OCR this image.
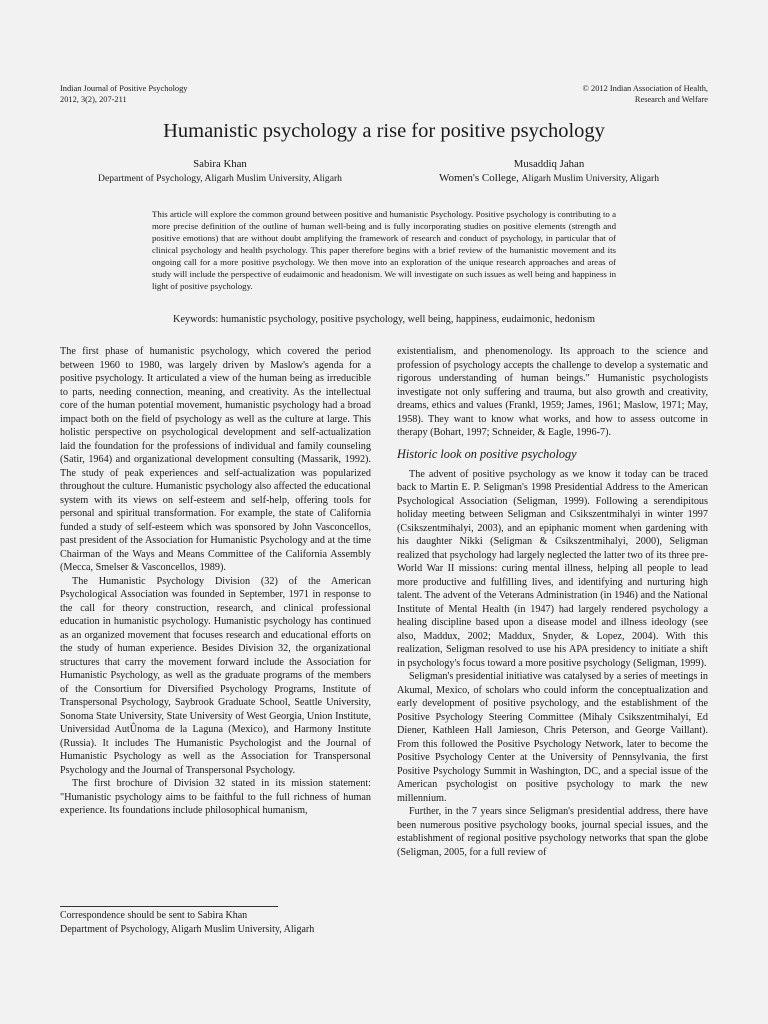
Indian Journal of Positive Psychology
2012, 3(2), 207-211
© 2012 Indian Association of Health,
Research and Welfare
Humanistic psychology a rise for positive psychology
Sabira Khan
Department of Psychology, Aligarh Muslim University, Aligarh
Musaddiq Jahan
Women's College, Aligarh Muslim University, Aligarh
This article will explore the common ground between positive and humanistic Psychology. Positive psychology is contributing to a more precise definition of the outline of human well-being and is fully incorporating studies on positive elements (strength and positive emotions) that are without doubt amplifying the framework of research and conduct of psychology, in particular that of clinical psychology and health psychology. This paper therefore begins with a brief review of the humanistic movement and its ongoing call for a more positive psychology. We then move into an exploration of the unique research approaches and areas of study will include the perspective of eudaimonic and headonism. We will investigate on such issues as well being and happiness in light of positive psychology.
Keywords: humanistic psychology, positive psychology, well being, happiness, eudaimonic, hedonism

The first phase of humanistic psychology, which covered the period between 1960 to 1980, was largely driven by Maslow's agenda for a positive psychology. It articulated a view of the human being as irreducible to parts, needing connection, meaning, and creativity. As the intellectual core of the human potential movement, humanistic psychology had a broad impact both on the field of psychology as well as the culture at large. This holistic perspective on psychological development and self-actualization laid the foundation for the professions of individual and family counseling (Satir, 1964) and organizational development consulting (Massarik, 1992). The study of peak experiences and self-actualization was popularized throughout the culture. Humanistic psychology also affected the educational system with its views on self-esteem and self-help, offering tools for personal and spiritual transformation. For example, the state of California funded a study of self-esteem which was sponsored by John Vasconcellos, past president of the Association for Humanistic Psychology and at the time Chairman of the Ways and Means Committee of the California Assembly (Mecca, Smelser & Vasconcellos, 1989).

The Humanistic Psychology Division (32) of the American Psychological Association was founded in September, 1971 in response to the call for theory construction, research, and clinical professional education in humanistic psychology. Humanistic psychology has continued as an organized movement that focuses research and educational efforts on the study of human experience. Besides Division 32, the organizational structures that carry the movement forward include the Association for Humanistic Psychology, as well as the graduate programs of the members of the Consortium for Diversified Psychology Programs, Institute of Transpersonal Psychology, Saybrook Graduate School, Seattle University, Sonoma State University, State University of West Georgia, Union Institute, Universidad AutÛnoma de la Laguna (Mexico), and Harmony Institute (Russia). It includes The Humanistic Psychologist and the Journal of Humanistic Psychology as well as the Association for Transpersonal Psychology and the Journal of Transpersonal Psychology.

The first brochure of Division 32 stated in its mission statement: "Humanistic psychology aims to be faithful to the full richness of human experience. Its foundations include philosophical humanism,

existentialism, and phenomenology. Its approach to the science and profession of psychology accepts the challenge to develop a systematic and rigorous understanding of human beings." Humanistic psychologists investigate not only suffering and trauma, but also growth and creativity, dreams, ethics and values (Frankl, 1959; James, 1961; Maslow, 1971; May, 1958). They want to know what works, and how to assess outcome in therapy (Bohart, 1997; Schneider, & Eagle, 1996-7).

Historic look on positive psychology

The advent of positive psychology as we know it today can be traced back to Martin E. P. Seligman's 1998 Presidential Address to the American Psychological Association (Seligman, 1999). Following a serendipitous holiday meeting between Seligman and Csikszentmihalyi in winter 1997 (Csikszentmihalyi, 2003), and an epiphanic moment when gardening with his daughter Nikki (Seligman & Csikszentmihalyi, 2000), Seligman realized that psychology had largely neglected the latter two of its three pre-World War II missions: curing mental illness, helping all people to lead more productive and fulfilling lives, and identifying and nurturing high talent. The advent of the Veterans Administration (in 1946) and the National Institute of Mental Health (in 1947) had largely rendered psychology a healing discipline based upon a disease model and illness ideology (see also, Maddux, 2002; Maddux, Snyder, & Lopez, 2004). With this realization, Seligman resolved to use his APA presidency to initiate a shift in psychology's focus toward a more positive psychology (Seligman, 1999).

Seligman's presidential initiative was catalysed by a series of meetings in Akumal, Mexico, of scholars who could inform the conceptualization and early development of positive psychology, and the establishment of the Positive Psychology Steering Committee (Mihaly Csikszentmihalyi, Ed Diener, Kathleen Hall Jamieson, Chris Peterson, and George Vaillant). From this followed the Positive Psychology Network, later to become the Positive Psychology Center at the University of Pennsylvania, the first Positive Psychology Summit in Washington, DC, and a special issue of the American psychologist on positive psychology to mark the new millennium.

Further, in the 7 years since Seligman's presidential address, there have been numerous positive psychology books, journal special issues, and the establishment of regional positive psychology networks that span the globe (Seligman, 2005, for a full review of

Correspondence should be sent to Sabira Khan
Department of Psychology, Aligarh Muslim University, Aligarh
